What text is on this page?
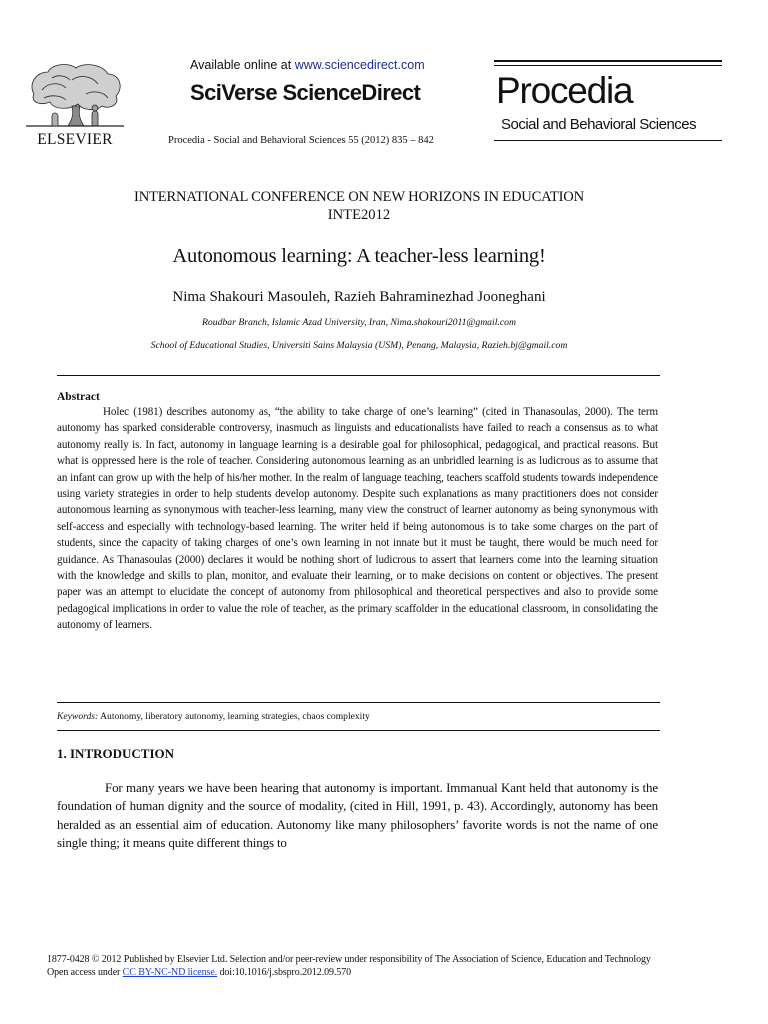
ELSEVIER
Available online at www.sciencedirect.com
SciVerse ScienceDirect
Procedia - Social and Behavioral Sciences 55 (2012) 835 – 842
Procedia
Social and Behavioral Sciences
INTERNATIONAL CONFERENCE ON NEW HORIZONS IN EDUCATION
INTE2012
Autonomous learning: A teacher-less learning!
Nima Shakouri Masouleh, Razieh Bahraminezhad Jooneghani
Roudbar Branch, Islamic Azad University, Iran, Nima.shakouri2011@gmail.com
School of Educational Studies, Universiti Sains Malaysia (USM), Penang, Malaysia, Razieh.bj@gmail.com
Abstract
Holec (1981) describes autonomy as, “the ability to take charge of one’s learning” (cited in Thanasoulas, 2000). The term autonomy has sparked considerable controversy, inasmuch as linguists and educationalists have failed to reach a consensus as to what autonomy really is. In fact, autonomy in language learning is a desirable goal for philosophical, pedagogical, and practical reasons. But what is oppressed here is the role of teacher. Considering autonomous learning as an unbridled learning is as ludicrous as to assume that an infant can grow up with the help of his/her mother. In the realm of language teaching, teachers scaffold students towards independence using variety strategies in order to help students develop autonomy. Despite such explanations as many practitioners does not consider autonomous learning as synonymous with teacher-less learning, many view the construct of learner autonomy as being synonymous with self-access and especially with technology-based learning. The writer held if being autonomous is to take some charges on the part of students, since the capacity of taking charges of one’s own learning in not innate but it must be taught, there would be much need for guidance. As Thanasoulas (2000) declares it would be nothing short of ludicrous to assert that learners come into the learning situation with the knowledge and skills to plan, monitor, and evaluate their learning, or to make decisions on content or objectives. The present paper was an attempt to elucidate the concept of autonomy from philosophical and theoretical perspectives and also to provide some pedagogical implications in order to value the role of teacher, as the primary scaffolder in the educational classroom, in consolidating the autonomy of learners.
Keywords: Autonomy, liberatory autonomy, learning strategies, chaos complexity
1. INTRODUCTION
For many years we have been hearing that autonomy is important. Immanual Kant held that autonomy is the foundation of human dignity and the source of modality, (cited in Hill, 1991, p. 43). Accordingly, autonomy has been heralded as an essential aim of education. Autonomy like many philosophers’ favorite words is not the name of one single thing; it means quite different things to
1877-0428 © 2012 Published by Elsevier Ltd. Selection and/or peer-review under responsibility of The Association of Science, Education and Technology
Open access under CC BY-NC-ND license. doi:10.1016/j.sbspro.2012.09.570
